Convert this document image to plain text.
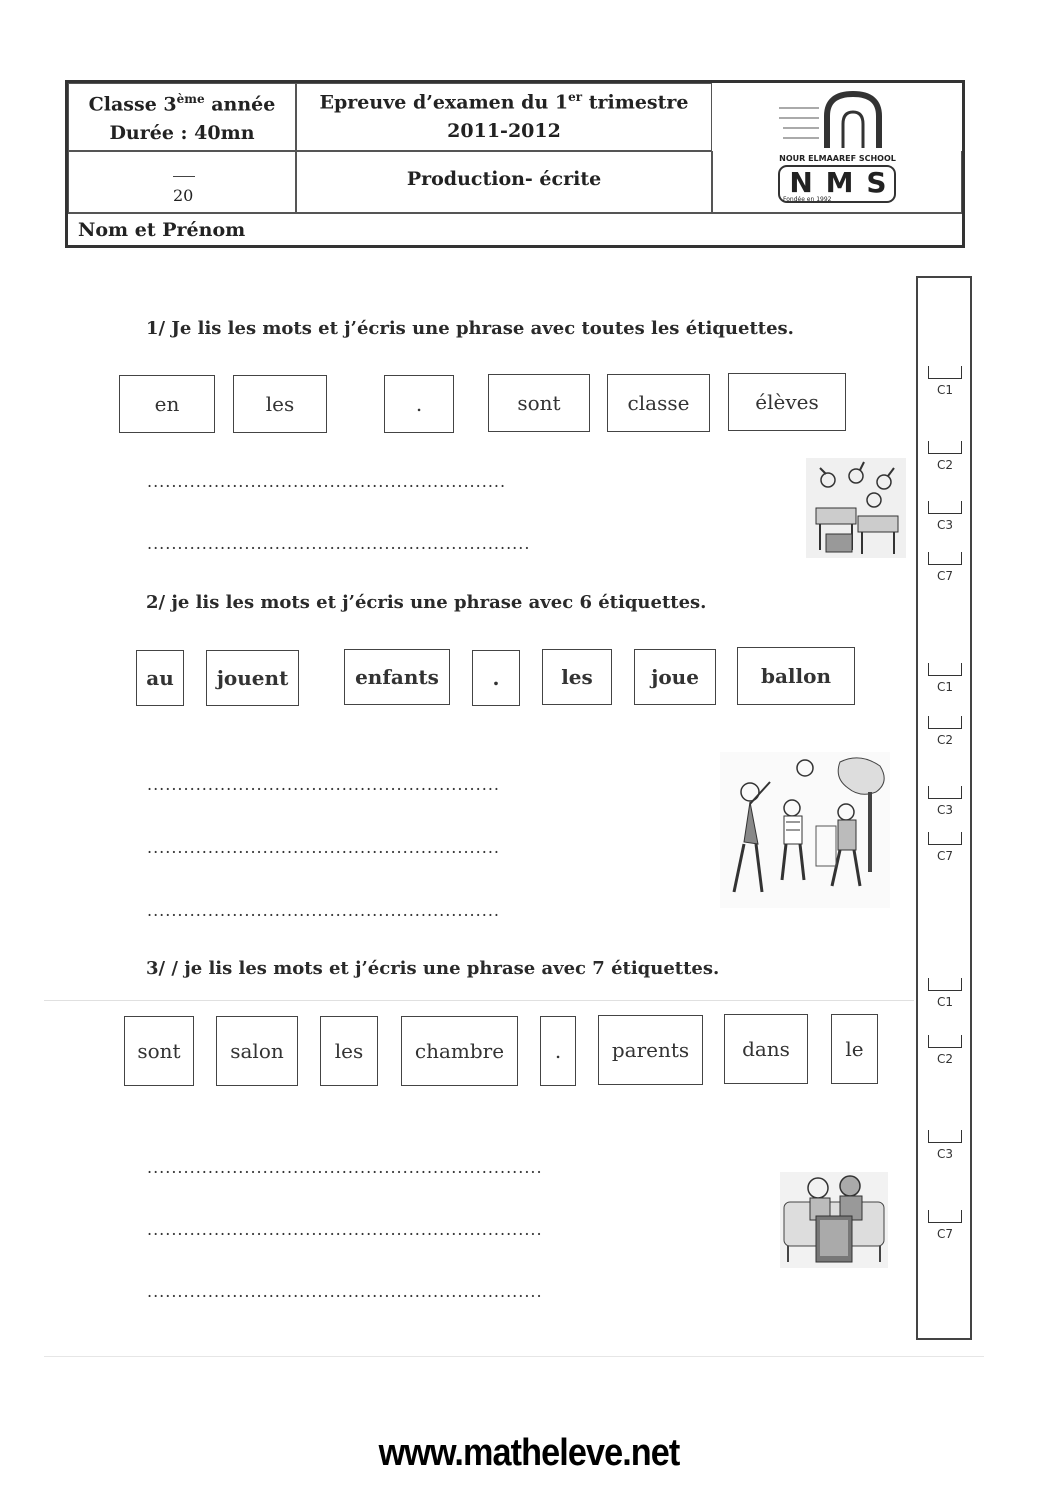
Classe 3ème année
Durée : 40mn
Epreuve d’examen du 1er trimestre
2011-2012
20
Production- écrite
Nom et Prénom
NOUR ELMAAREF SCHOOL
N M S
Fondée en 1992
1/ Je lis les mots et j’écris une phrase avec toutes les étiquettes.
en	les	.	sont	classe	élèves
...........................................................
...............................................................
C1
C2
C3
C7
2/ je lis les mots et j’écris une phrase avec 6 étiquettes.
au	jouent	enfants	.	les	joue	ballon
..........................................................
..........................................................
..........................................................
C1
C2
C3
C7
3/ / je lis les mots et j’écris une phrase avec 7 étiquettes.
sont	salon	les	chambre	.	parents	dans	le
.................................................................
.................................................................
.................................................................
C1
C2
C3
C7
www.matheleve.net
